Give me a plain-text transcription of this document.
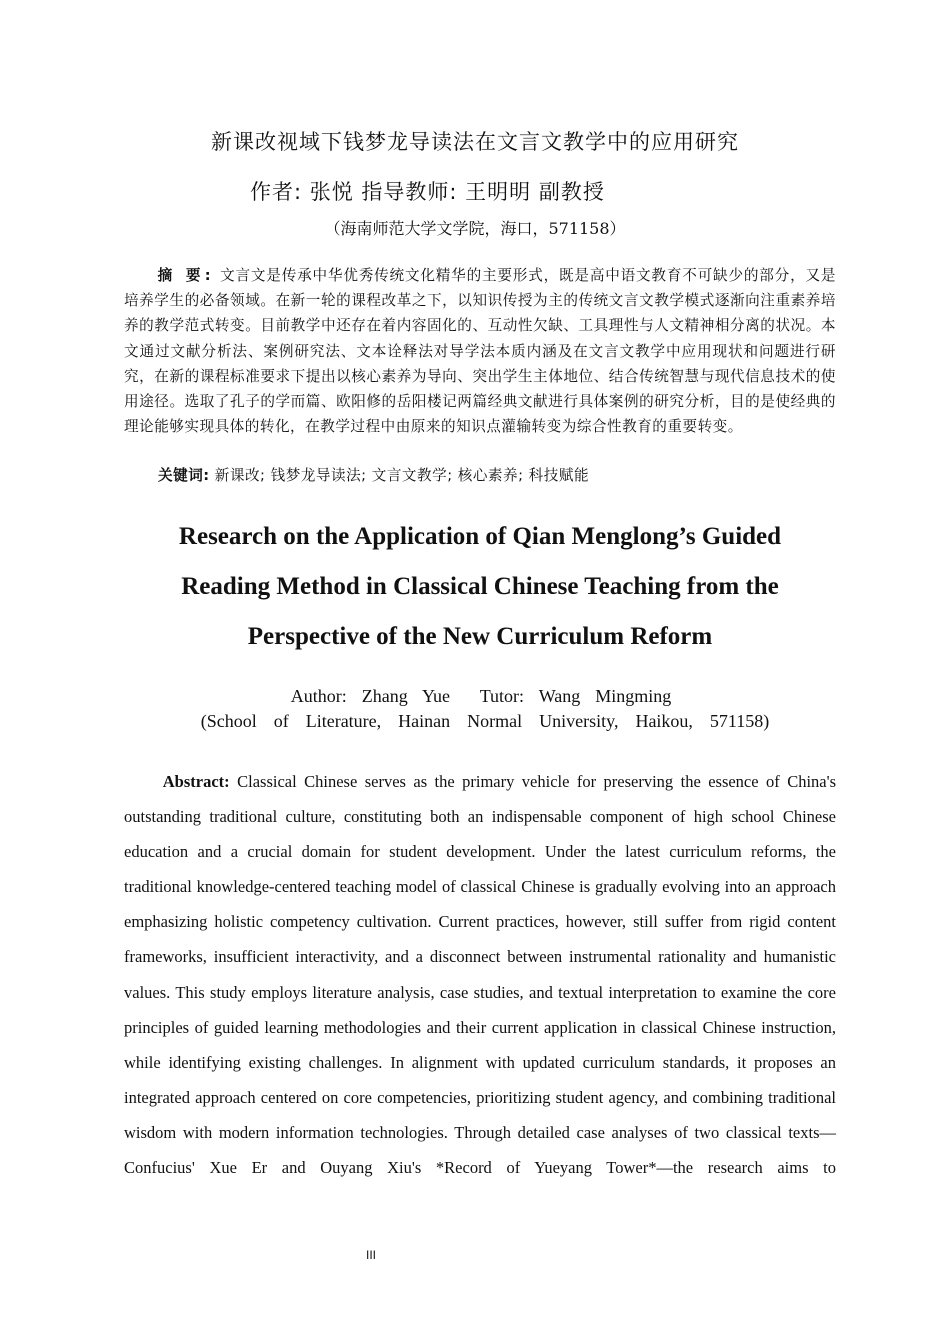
新课改视域下钱梦龙导读法在文言文教学中的应用研究
作者: 张悦 指导教师: 王明明 副教授
（海南师范大学文学院，海口，571158）

摘 要: 文言文是传承中华优秀传统文化精华的主要形式，既是高中语文教育不可缺少的部分，又是培养学生的必备领域。在新一轮的课程改革之下，以知识传授为主的传统文言文教学模式逐渐向注重素养培养的教学范式转变。目前教学中还存在着内容固化的、互动性欠缺、工具理性与人文精神相分离的状况。本文通过文献分析法、案例研究法、文本诠释法对导学法本质内涵及在文言文教学中应用现状和问题进行研究，在新的课程标准要求下提出以核心素养为导向、突出学生主体地位、结合传统智慧与现代信息技术的使用途径。选取了孔子的学而篇、欧阳修的岳阳楼记两篇经典文献进行具体案例的研究分析，目的是使经典的理论能够实现具体的转化，在教学过程中由原来的知识点灌输转变为综合性教育的重要转变。

关键词: 新课改; 钱梦龙导读法; 文言文教学; 核心素养; 科技赋能
Research on the Application of Qian Menglong’s Guided
Reading Method in Classical Chinese Teaching from the
Perspective of the New Curriculum Reform
Author:  Zhang  Yue    Tutor:  Wang  Mingming
(School  of  Literature,  Hainan  Normal  University,  Haikou,  571158)

Abstract: Classical Chinese serves as the primary vehicle for preserving the essence of China's outstanding traditional culture, constituting both an indispensable component of high school Chinese education and a crucial domain for student development. Under the latest curriculum reforms, the traditional knowledge-centered teaching model of classical Chinese is gradually evolving into an approach emphasizing holistic competency cultivation. Current practices, however, still suffer from rigid content frameworks, insufficient interactivity, and a disconnect between instrumental rationality and humanistic values. This study employs literature analysis, case studies, and textual interpretation to examine the core principles of guided learning methodologies and their current application in classical Chinese instruction, while identifying existing challenges. In alignment with updated curriculum standards, it proposes an integrated approach centered on core competencies, prioritizing student agency, and combining traditional wisdom with modern information technologies. Through detailed case analyses of two classical texts—Confucius' Xue Er and Ouyang Xiu's *Record of Yueyang Tower*—the research aims to

III
